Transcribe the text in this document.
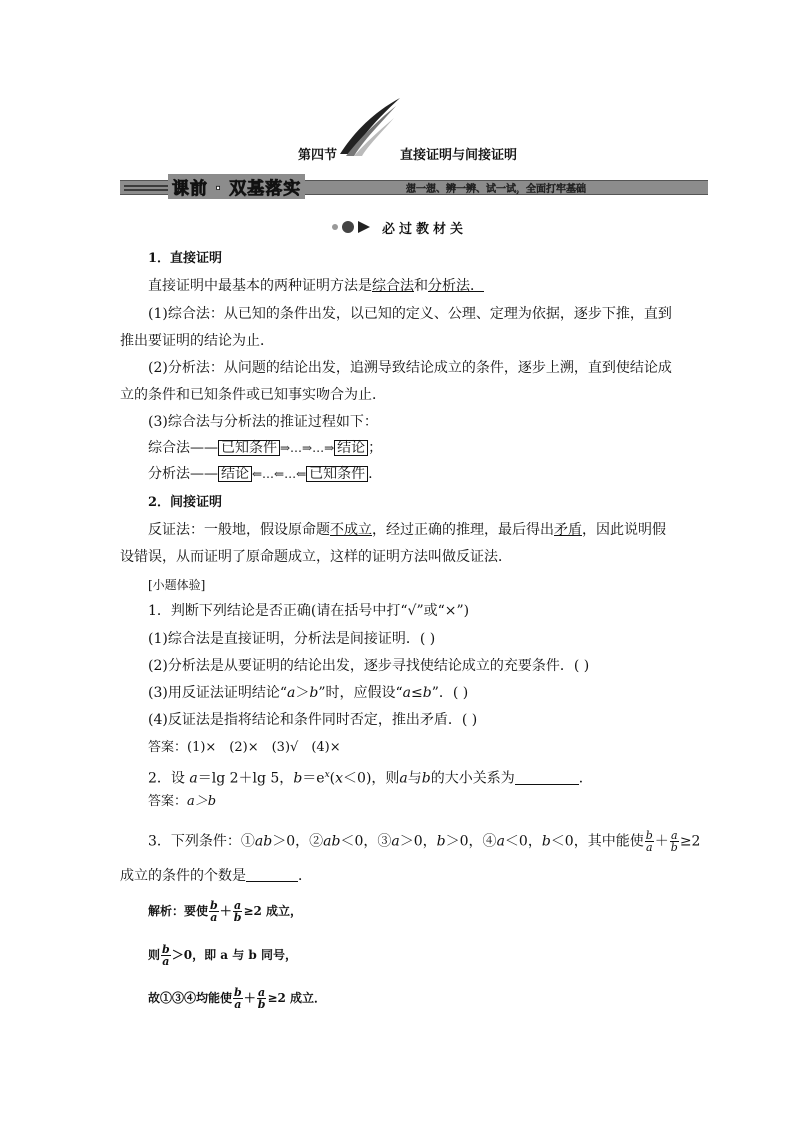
第四节	直接证明与间接证明
课前 · 双基落实	想一想、辨一辨、试一试，全面打牢基础
必过教材关
1．直接证明
直接证明中最基本的两种证明方法是综合法和分析法．
(1)综合法：从已知的条件出发，以已知的定义、公理、定理为依据，逐步下推，直到
推出要证明的结论为止．
(2)分析法：从问题的结论出发，追溯导致结论成立的条件，逐步上溯，直到使结论成
立的条件和已知条件或已知事实吻合为止．
(3)综合法与分析法的推证过程如下：
综合法—— 已知条件 ⇒…⇒…⇒ 结论 ；
分析法—— 结论 ⇐…⇐…⇐ 已知条件 .
2．间接证明
反证法：一般地，假设原命题不成立，经过正确的推理，最后得出矛盾，因此说明假
设错误，从而证明了原命题成立，这样的证明方法叫做反证法．
[小题体验]
1．判断下列结论是否正确(请在括号中打“√”或“×”)
(1)综合法是直接证明，分析法是间接证明．( )
(2)分析法是从要证明的结论出发，逐步寻找使结论成立的充要条件．( )
(3)用反证法证明结论“a＞b”时，应假设“a≤b”．( )
(4)反证法是指将结论和条件同时否定，推出矛盾．( )
答案：(1)×　(2)×　(3)√　(4)×
2．设 a＝lg 2＋lg 5，$b=e^x(x<0)$，则a与b的大小关系为	．
答案：a＞b
3．下列条件：①ab＞0，②ab＜0，③a＞0，b＞0，④a＜0，b＜0，其中能使 $\frac{b}{a} + \frac{a}{b} \ge 2$
成立的条件的个数是	．
解析：要使 $\frac{b}{a} + \frac{a}{b} \ge 2$ 成立，
则 $\frac{b}{a} >0$，即 a 与 b 同号，
故①③④均能使 $\frac{b}{a} + \frac{a}{b} \ge 2$ 成立．
